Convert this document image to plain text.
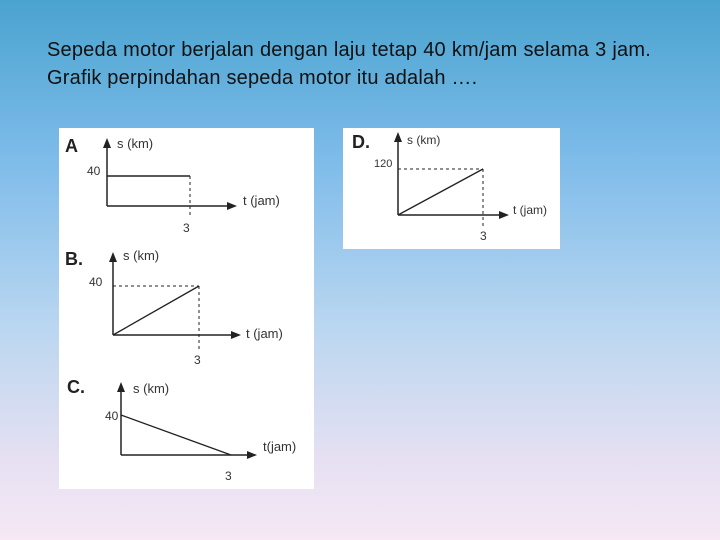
Sepeda motor berjalan dengan laju tetap 40 km/jam selama 3 jam. Grafik perpindahan sepeda motor itu adalah ….
A	s (km)
t (jam)
40
3
B.	s (km)
t (jam)
40
3
C.	s (km)
t(jam)
40
3
D.	s (km)
t (jam)
120
3
